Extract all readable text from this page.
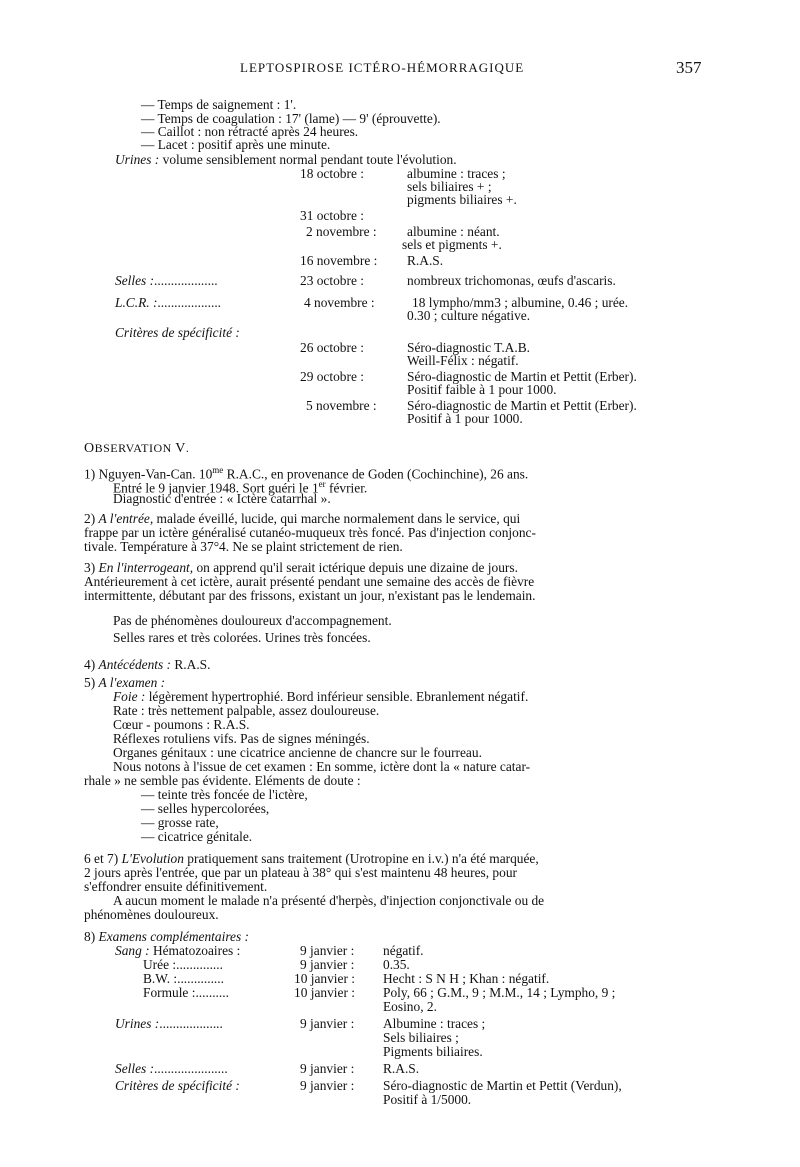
LEPTOSPIROSE ICTÉRO-HÉMORRAGIQUE	357
— Temps de saignement : 1'.
— Temps de coagulation : 17' (lame) — 9' (éprouvette).
— Caillot : non rétracté après 24 heures.
— Lacet : positif après une minute.
Urines : volume sensiblement normal pendant toute l'évolution.
18 octobre :	albumine : traces ;
sels biliaires + ;
pigments biliaires +.
31 octobre :
2 novembre : albumine : néant.
sels et pigments +.
16 novembre : R.A.S.
Selles :...................	23 octobre :	nombreux trichomonas, œufs d'ascaris.
L.C.R. :...................	4 novembre :	18 lympho/mm3 ; albumine, 0.46 ; urée.
0.30 ; culture négative.
Critères de spécificité :
26 octobre :	Séro-diagnostic T.A.B.
Weill-Félix : négatif.
29 octobre :	Séro-diagnostic de Martin et Pettit (Erber).
Positif faible à 1 pour 1000.
5 novembre : Séro-diagnostic de Martin et Pettit (Erber).
Positif à 1 pour 1000.
OBSERVATION V.
1) Nguyen-Van-Can. $10^{me}$ R.A.C., en provenance de Goden (Cochinchine), 26 ans.
Entré le 9 janvier 1948. Sort guéri le 1er février.
Diagnostic d'entrée : « Ictère catarrhal ».
2) A l'entrée, malade éveillé, lucide, qui marche normalement dans le service, qui
frappe par un ictère généralisé cutanéo-muqueux très foncé. Pas d'injection conjonc-
tivale. Température à 37°4. Ne se plaint strictement de rien.
3) En l'interrogeant, on apprend qu'il serait ictérique depuis une dizaine de jours.
Antérieurement à cet ictère, aurait présenté pendant une semaine des accès de fièvre
intermittente, débutant par des frissons, existant un jour, n'existant pas le lendemain.
Pas de phénomènes douloureux d'accompagnement.
Selles rares et très colorées. Urines très foncées.
4) Antécédents : R.A.S.
5) A l'examen :
Foie : légèrement hypertrophié. Bord inférieur sensible. Ebranlement négatif.
Rate : très nettement palpable, assez douloureuse.
Cœur - poumons : R.A.S.
Réflexes rotuliens vifs. Pas de signes méningés.
Organes génitaux : une cicatrice ancienne de chancre sur le fourreau.
Nous notons à l'issue de cet examen : En somme, ictère dont la « nature catar-
rhale » ne semble pas évidente. Eléments de doute :
— teinte très foncée de l'ictère,
— selles hypercolorées,
— grosse rate,
— cicatrice génitale.
6 et 7) L'Evolution pratiquement sans traitement (Urotropine en i.v.) n'a été marquée,
2 jours après l'entrée, que par un plateau à 38° qui s'est maintenu 48 heures, pour
s'effondrer ensuite définitivement.
A aucun moment le malade n'a présenté d'herpès, d'injection conjonctivale ou de
phénomènes douloureux.
8) Examens complémentaires :
Sang : Hématozoaires :	9 janvier : négatif.
Urée :..............	9 janvier : 0.35.
B.W. :..............	10 janvier : Hecht : S N H ; Khan : négatif.
Formule :..........	10 janvier : Poly, 66 ; G.M., 9 ; M.M., 14 ; Lympho, 9 ;
Eosino, 2.
Urines :...................	9 janvier : Albumine : traces ;
Sels biliaires ;
Pigments biliaires.
Selles :......................	9 janvier : R.A.S.
Critères de spécificité :	9 janvier : Séro-diagnostic de Martin et Pettit (Verdun),
Positif à 1/5000.
